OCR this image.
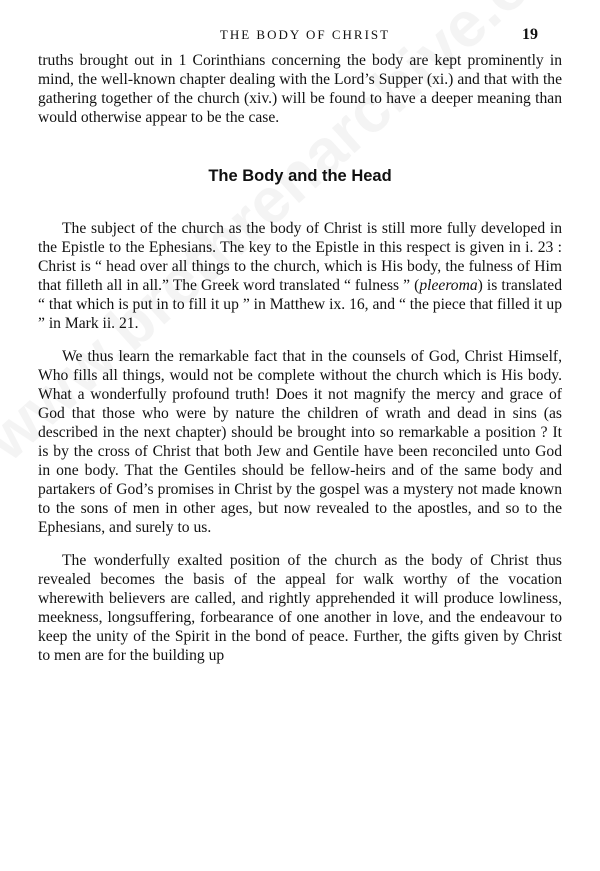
THE BODY OF CHRIST	19

truths brought out in 1 Corinthians concerning the body are kept prominently in mind, the well-known chapter dealing with the Lord’s Supper (xi.) and that with the gathering together of the church (xiv.) will be found to have a deeper meaning than would otherwise appear to be the case.

The Body and the Head

The subject of the church as the body of Christ is still more fully developed in the Epistle to the Ephesians. The key to the Epistle in this respect is given in i. 23 : Christ is “ head over all things to the church, which is His body, the fulness of Him that filleth all in all.” The Greek word translated “ fulness ” (pleeroma) is translated “ that which is put in to fill it up ” in Matthew ix. 16, and “ the piece that filled it up ” in Mark ii. 21.

We thus learn the remarkable fact that in the counsels of God, Christ Himself, Who fills all things, would not be complete without the church which is His body. What a wonderfully profound truth! Does it not magnify the mercy and grace of God that those who were by nature the children of wrath and dead in sins (as described in the next chapter) should be brought into so remarkable a position ? It is by the cross of Christ that both Jew and Gentile have been reconciled unto God in one body. That the Gentiles should be fellow-heirs and of the same body and partakers of God’s promises in Christ by the gospel was a mystery not made known to the sons of men in other ages, but now revealed to the apostles, and so to the Ephesians, and surely to us.

The wonderfully exalted position of the church as the body of Christ thus revealed becomes the basis of the appeal for walk worthy of the vocation wherewith believers are called, and rightly apprehended it will produce lowliness, meekness, longsuffering, forbearance of one another in love, and the endeavour to keep the unity of the Spirit in the bond of peace. Further, the gifts given by Christ to men are for the building up
